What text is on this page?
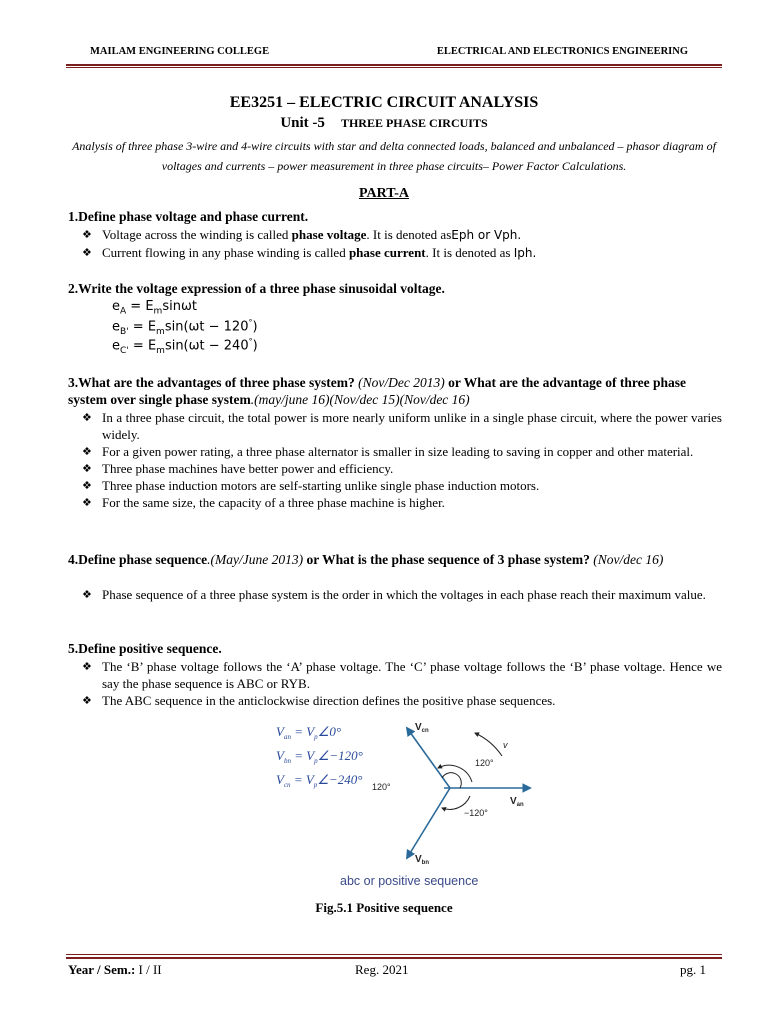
MAILAM ENGINEERING COLLEGE	ELECTRICAL AND ELECTRONICS ENGINEERING
EE3251 – ELECTRIC CIRCUIT ANALYSIS
Unit -5 THREE PHASE CIRCUITS
Analysis of three phase 3-wire and 4-wire circuits with star and delta connected loads, balanced and unbalanced – phasor diagram of voltages and currents – power measurement in three phase circuits– Power Factor Calculations.
PART-A
1.Define phase voltage and phase current.
❖ Voltage across the winding is called phase voltage. It is denoted asEph or Vph.
❖ Current flowing in any phase winding is called phase current. It is denoted as Iph.
2.Write the voltage expression of a three phase sinusoidal voltage.
$e_A = E_m\sin\omega t$
$e_{B'} = E_m\sin(\omega t - 120^\circ)$
$e_{C'} = E_m\sin(\omega t - 240^\circ)$
3.What are the advantages of three phase system? (Nov/Dec 2013) or What are the advantage of three phase system over single phase system.(may/june 16)(Nov/dec 15)(Nov/dec 16)
❖ In a three phase circuit, the total power is more nearly uniform unlike in a single phase circuit, where the power varies widely.
❖ For a given power rating, a three phase alternator is smaller in size leading to saving in copper and other material.
❖ Three phase machines have better power and efficiency.
❖ Three phase induction motors are self-starting unlike single phase induction motors.
❖ For the same size, the capacity of a three phase machine is higher.
4.Define phase sequence.(May/June 2013) or What is the phase sequence of 3 phase system? (Nov/dec 16)
❖ Phase sequence of a three phase system is the order in which the voltages in each phase reach their maximum value.
5.Define positive sequence.
❖ The ‘B’ phase voltage follows the ‘A’ phase voltage. The ‘C’ phase voltage follows the ‘B’ phase voltage. Hence we say the phase sequence is ABC or RYB.
❖ The ABC sequence in the anticlockwise direction defines the positive phase sequences.
$V_{an}$ = $V_p\angle 0^\circ$
$V_{bn}$ = $V_p\angle-120^\circ$
$V_{cn}$ = $V_p\angle-240^\circ$
120°
120°
−120°
v
$V_{cn}$
$V_{an}$
$V_{bn}$
abc or positive sequence
Fig.5.1 Positive sequence
Year / Sem.: I / II	Reg. 2021	pg. 1
